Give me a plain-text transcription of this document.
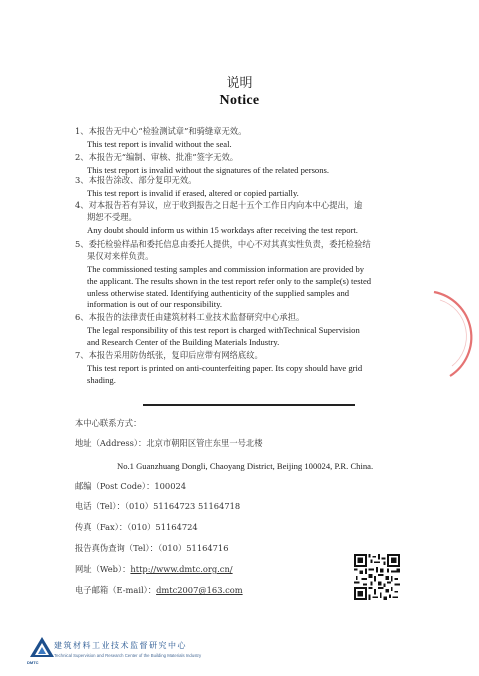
说明
Notice
1、本报告无中心“检验测试章”和骑缝章无效。
This test report is invalid without the seal.
2、本报告无“编制、审核、批准”签字无效。
This test report is invalid without the signatures of the related persons.
3、本报告涂改、部分复印无效。
This test report is invalid if erased, altered or copied partially.
4、对本报告若有异议，应于收到报告之日起十五个工作日内向本中心提出，逾
期恕不受理。
Any doubt should inform us within 15 workdays after receiving the test report.
5、委托检验样品和委托信息由委托人提供，中心不对其真实性负责，委托检验结
果仅对来样负责。
The commissioned testing samples and commission information are provided by
the applicant. The results shown in the test report refer only to the sample(s) tested
unless otherwise stated. Identifying authenticity of the supplied samples and
information is out of our responsibility.
6、本报告的法律责任由建筑材料工业技术监督研究中心承担。
The legal responsibility of this test report is charged withTechnical Supervision
and Research Center of the Building Materials Industry.
7、本报告采用防伪纸张，复印后应带有网络底纹。
This test report is printed on anti-counterfeiting paper. Its copy should have grid
shading.
本中心联系方式：
地址（Address）：北京市朝阳区管庄东里一号北楼
No.1 Guanzhuang Dongli, Chaoyang District, Beijing 100024, P.R. China.
邮编（Post Code）：100024
电话（Tel）：（010）51164723 51164718
传真（Fax）：（010）51164724
报告真伪查询（Tel）：（010）51164716
网址（Web）：http://www.dmtc.org.cn/
电子邮箱（E-mail）：dmtc2007@163.com
DMTC
建筑材料工业技术监督研究中心
Technical Supervision and Research Center of the Building Materials Industry
